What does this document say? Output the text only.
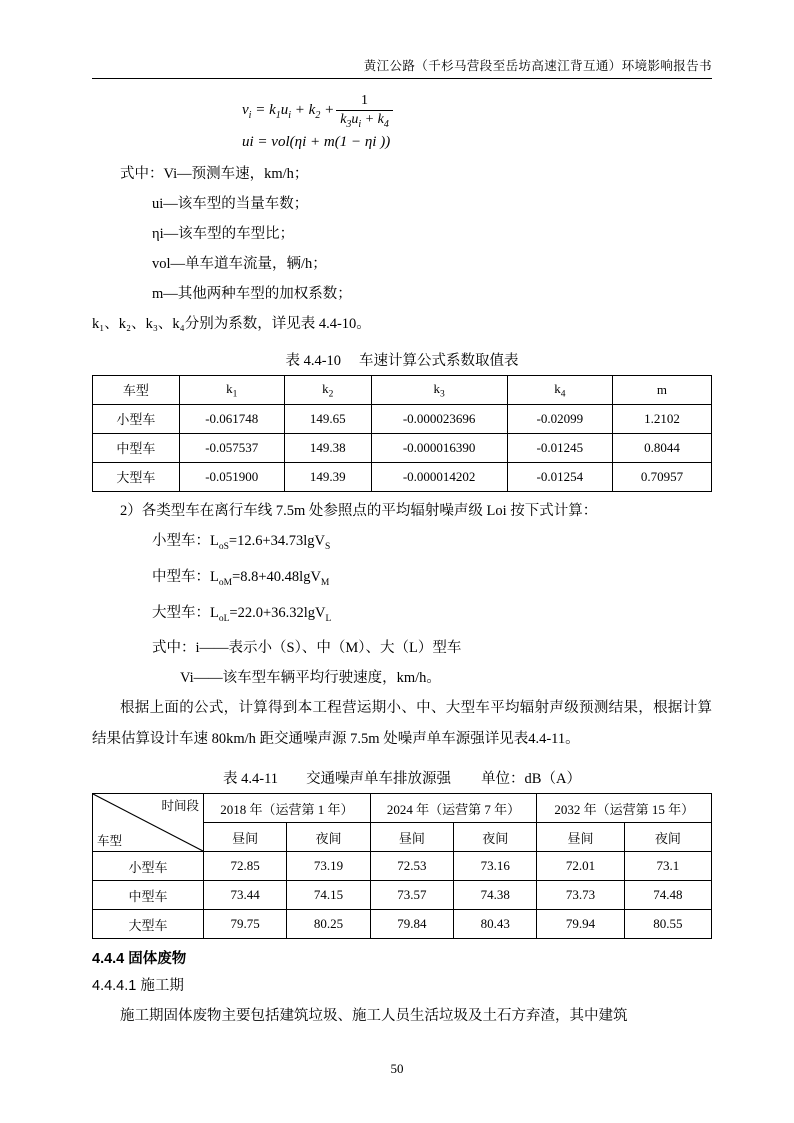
黄江公路（千杉马营段至岳坊高速江背互通）环境影响报告书
$v_i = k_1u_i + k_2 + \frac{1}{k_3u_i + k_4}$
ui = vol(ηi + m(1 − ηi ))
式中：Vi—预测车速，km/h；
ui—该车型的当量车数；
ηi—该车型的车型比；
vol—单车道车流量，辆/h；
m—其他两种车型的加权系数；
k₁、k₂、k₃、k₄分别为系数，详见表 4.4-10。
表 4.4-10 车速计算公式系数取值表
车型	$k_1$	$k_2$	$k_3$	$k_4$	m
小型车	-0.061748	149.65	-0.000023696	-0.02099	1.2102
中型车	-0.057537	149.38	-0.000016390	-0.01245	0.8044
大型车	-0.051900	149.39	-0.000014202	-0.01254	0.70957
2）各类型车在离行车线 7.5m 处参照点的平均辐射噪声级 Loi 按下式计算：
小型车：$L_{oS}=12.6+34.73\lg V_S$
中型车：$L_{oM}=8.8+40.48\lg V_M$
大型车：$L_{oL}=22.0+36.32\lg V_L$
式中：i——表示小（S）、中（M）、大（L）型车
Vi——该车型车辆平均行驶速度，km/h。
根据上面的公式，计算得到本工程营运期小、中、大型车平均辐射声级预测结果，根据计算结果估算设计车速 80km/h 距交通噪声源 7.5m 处噪声单车源强详见表4.4-11。
表 4.4-11 交通噪声单车排放源强 单位：dB（A）
时间段
车型	2018 年（运营第 1 年）		2024 年（运营第 7 年）		2032 年（运营第 15 年）	
	昼间	夜间	昼间	夜间	昼间	夜间
小型车	72.85	73.19	72.53	73.16	72.01	73.1
中型车	73.44	74.15	73.57	74.38	73.73	74.48
大型车	79.75	80.25	79.84	80.43	79.94	80.55
4.4.4 固体废物
4.4.4.1 施工期
施工期固体废物主要包括建筑垃圾、施工人员生活垃圾及土石方弃渣，其中建筑
50
